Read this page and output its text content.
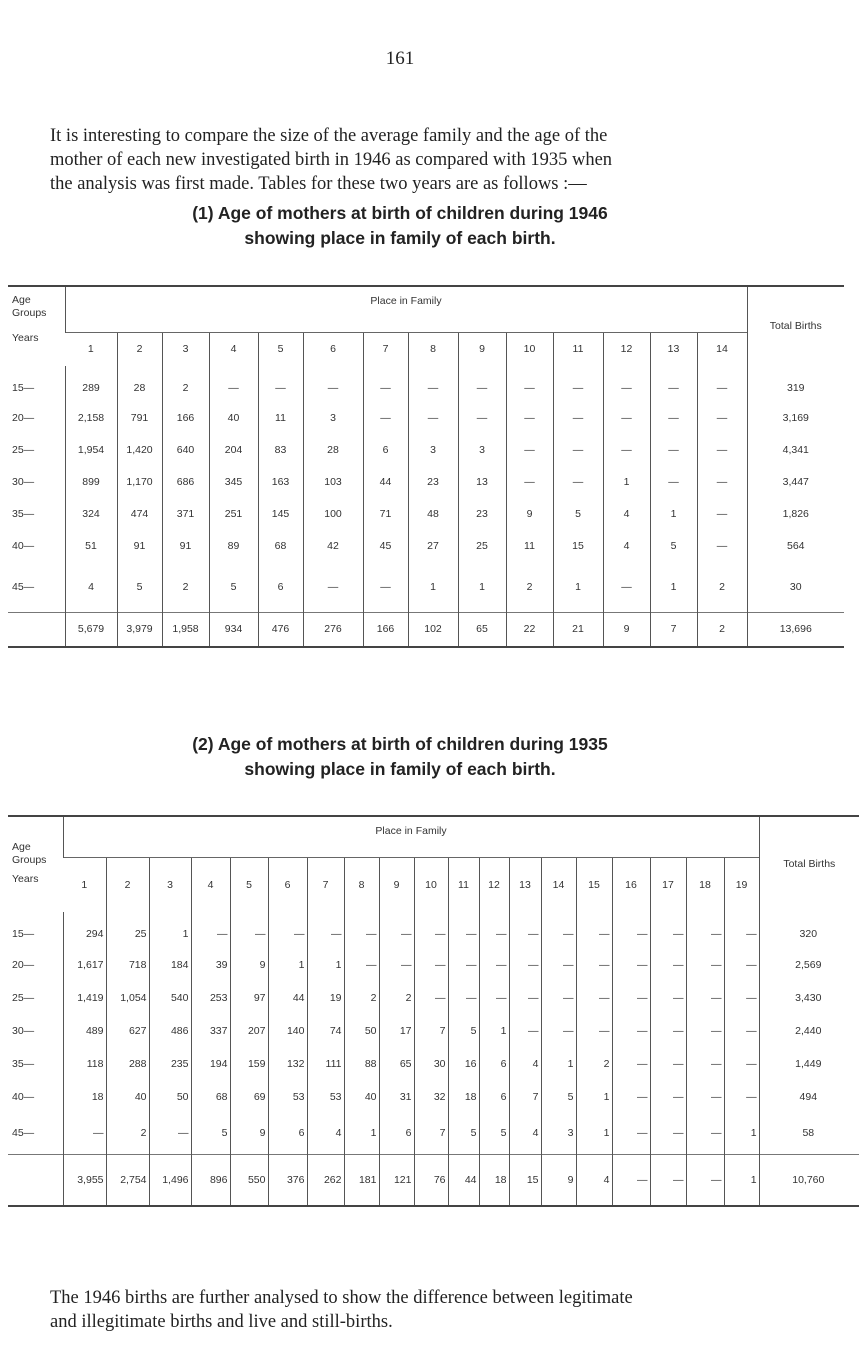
161

It is interesting to compare the size of the average family and the age of the

mother of each new investigated birth in 1946 as compared with 1935 when

the analysis was first made. Tables for these two years are as follows :—

(1) Age of mothers at birth of children during 1946
showing place in family of each birth.
Age Groups
Years	Place in Family														Total Births
	1	2	3	4	5	6	7	8	9	10	11	12	13	14	
15—	289	28	2	—	—	—	—	—	—	—	—	—	—	—	319
20—	2,158	791	166	40	11	3	—	—	—	—	—	—	—	—	3,169
25—	1,954	1,420	640	204	83	28	6	3	3	—	—	—	—	—	4,341
30—	899	1,170	686	345	163	103	44	23	13	—	—	1	—	—	3,447
35—	324	474	371	251	145	100	71	48	23	9	5	4	1	—	1,826
40—	51	91	91	89	68	42	45	27	25	11	15	4	5	—	564
45—	4	5	2	5	6	—	—	1	1	2	1	—	1	2	30
	5,679	3,979	1,958	934	476	276	166	102	65	22	21	9	7	2	13,696
(2) Age of mothers at birth of children during 1935
showing place in family of each birth.
Age
Groups
Years	Place in Family																			Total Births
	1	2	3	4	5	6	7	8	9	10	11	12	13	14	15	16	17	18	19	
15—	294	25	1	—	—	—	—	—	—	—	—	—	—	—	—	—	—	—	—	320
20—	1,617	718	184	39	9	1	1	—	—	—	—	—	—	—	—	—	—	—	—	2,569
25—	1,419	1,054	540	253	97	44	19	2	2	—	—	—	—	—	—	—	—	—	—	3,430
30—	489	627	486	337	207	140	74	50	17	7	5	1	—	—	—	—	—	—	—	2,440
35—	118	288	235	194	159	132	111	88	65	30	16	6	4	1	2	—	—	—	—	1,449
40—	18	40	50	68	69	53	53	40	31	32	18	6	7	5	1	—	—	—	—	494
45—	—	2	—	5	9	6	4	1	6	7	5	5	4	3	1	—	—	—	1	58
	3,955	2,754	1,496	896	550	376	262	181	121	76	44	18	15	9	4	—	—	—	1	10,760
The 1946 births are further analysed to show the difference between legitimate
and illegitimate births and live and still-births.
